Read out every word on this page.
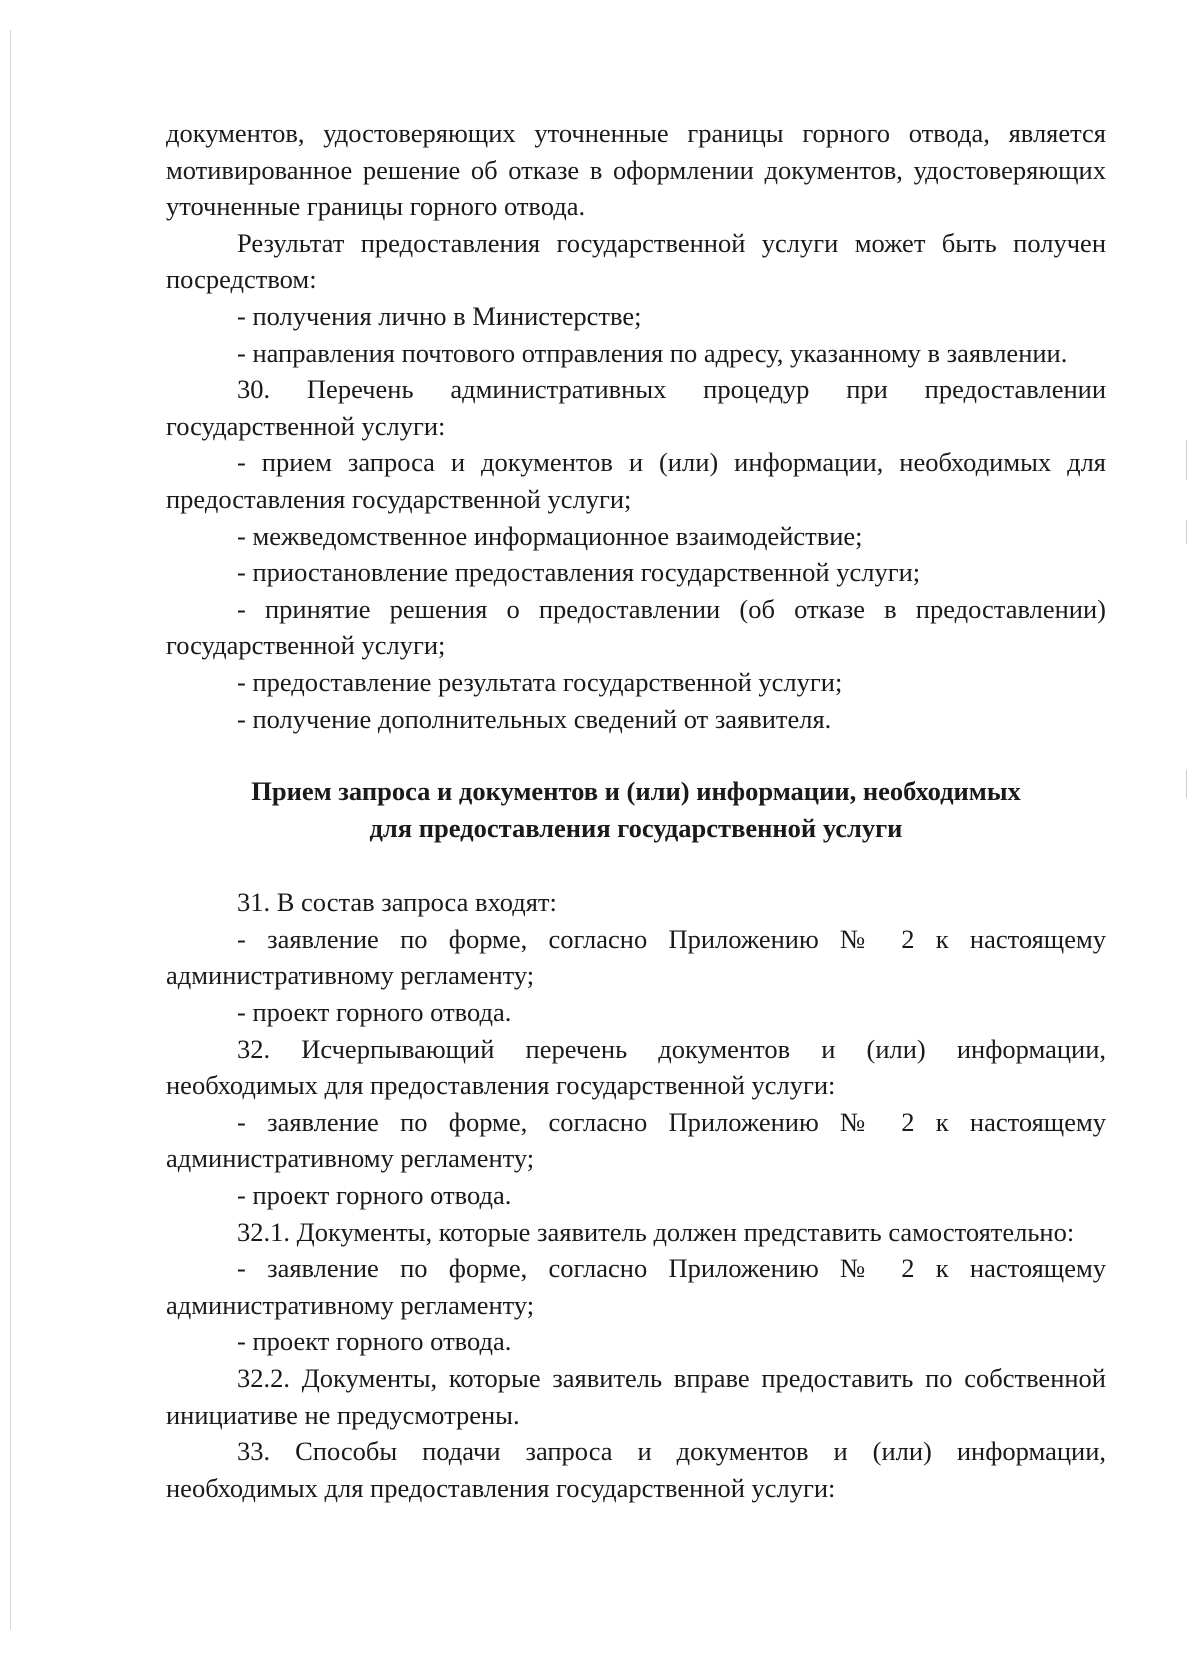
документов, удостоверяющих уточненные границы горного отвода, является мотивированное решение об отказе в оформлении документов, удостоверяющих уточненные границы горного отвода.

Результат предоставления государственной услуги может быть получен посредством:

- получения лично в Министерстве;

- направления почтового отправления по адресу, указанному в заявлении.

30. Перечень административных процедур при предоставлении государственной услуги:

- прием запроса и документов и (или) информации, необходимых для предоставления государственной услуги;

- межведомственное информационное взаимодействие;

- приостановление предоставления государственной услуги;

- принятие решения о предоставлении (об отказе в предоставлении) государственной услуги;

- предоставление результата государственной услуги;

- получение дополнительных сведений от заявителя.

Прием запроса и документов и (или) информации, необходимых
для предоставления государственной услуги

31. В состав запроса входят:

- заявление по форме, согласно Приложению № 2 к настоящему административному регламенту;

- проект горного отвода.

32. Исчерпывающий перечень документов и (или) информации, необходимых для предоставления государственной услуги:

- заявление по форме, согласно Приложению № 2 к настоящему административному регламенту;

- проект горного отвода.

32.1. Документы, которые заявитель должен представить самостоятельно:

- заявление по форме, согласно Приложению № 2 к настоящему административному регламенту;

- проект горного отвода.

32.2. Документы, которые заявитель вправе предоставить по собственной инициативе не предусмотрены.

33. Способы подачи запроса и документов и (или) информации, необходимых для предоставления государственной услуги:
